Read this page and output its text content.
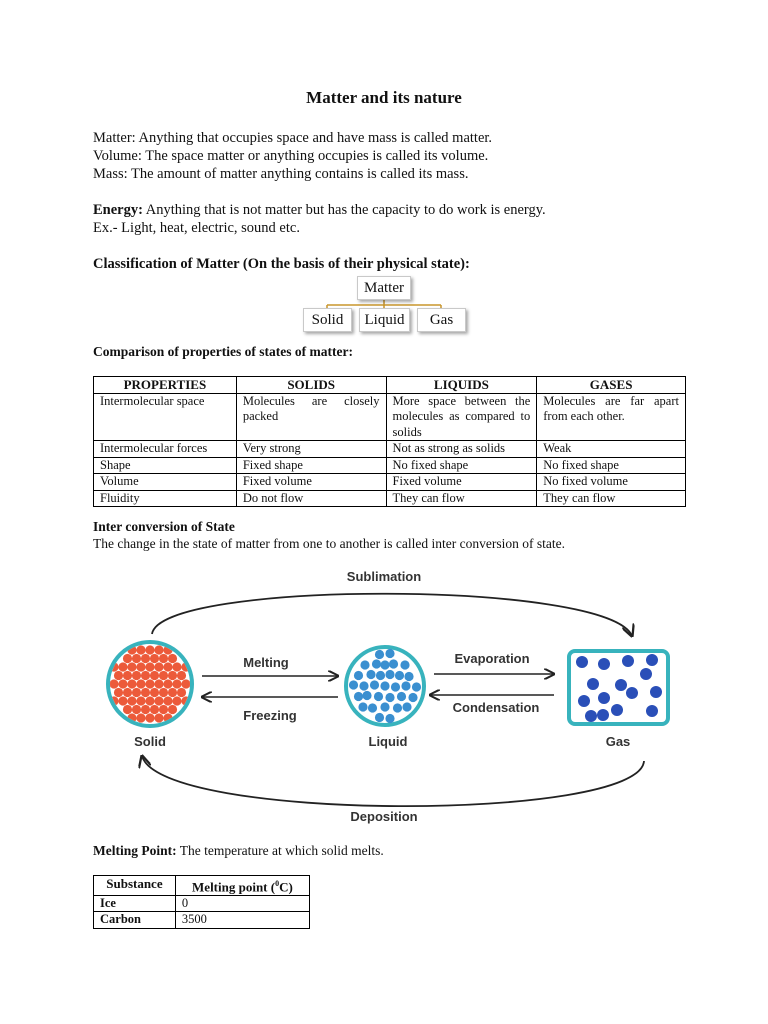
Matter and its nature
Matter: Anything that occupies space and have mass is called matter.
Volume: The space matter or anything occupies is called its volume.
Mass: The amount of matter anything contains is called its mass.
Energy: Anything that is not matter but has the capacity to do work is energy.
Ex.- Light, heat, electric, sound etc.
Classification of Matter (On the basis of their physical state):
Matter
Solid	Liquid	Gas
Comparison of properties of states of matter:
PROPERTIES	SOLIDS	LIQUIDS	GASES
Intermolecular space	Molecules are closely packed	More space between the molecules as compared to solids	Molecules are far apart from each other.
Intermolecular forces	Very strong	Not as strong as solids	Weak
Shape	Fixed shape	No fixed shape	No fixed shape
Volume	Fixed volume	Fixed volume	No fixed volume
Fluidity	Do not flow	They can flow	They can flow
Inter conversion of State
The change in the state of matter from one to another is called inter conversion of state.
Sublimation
Deposition
Solid
Melting
Freezing
Liquid
Evaporation
Condensation
Gas
Melting Point: The temperature at which solid melts.
Substance	Melting point ($^0$C)
Ice	0
Carbon	3500
